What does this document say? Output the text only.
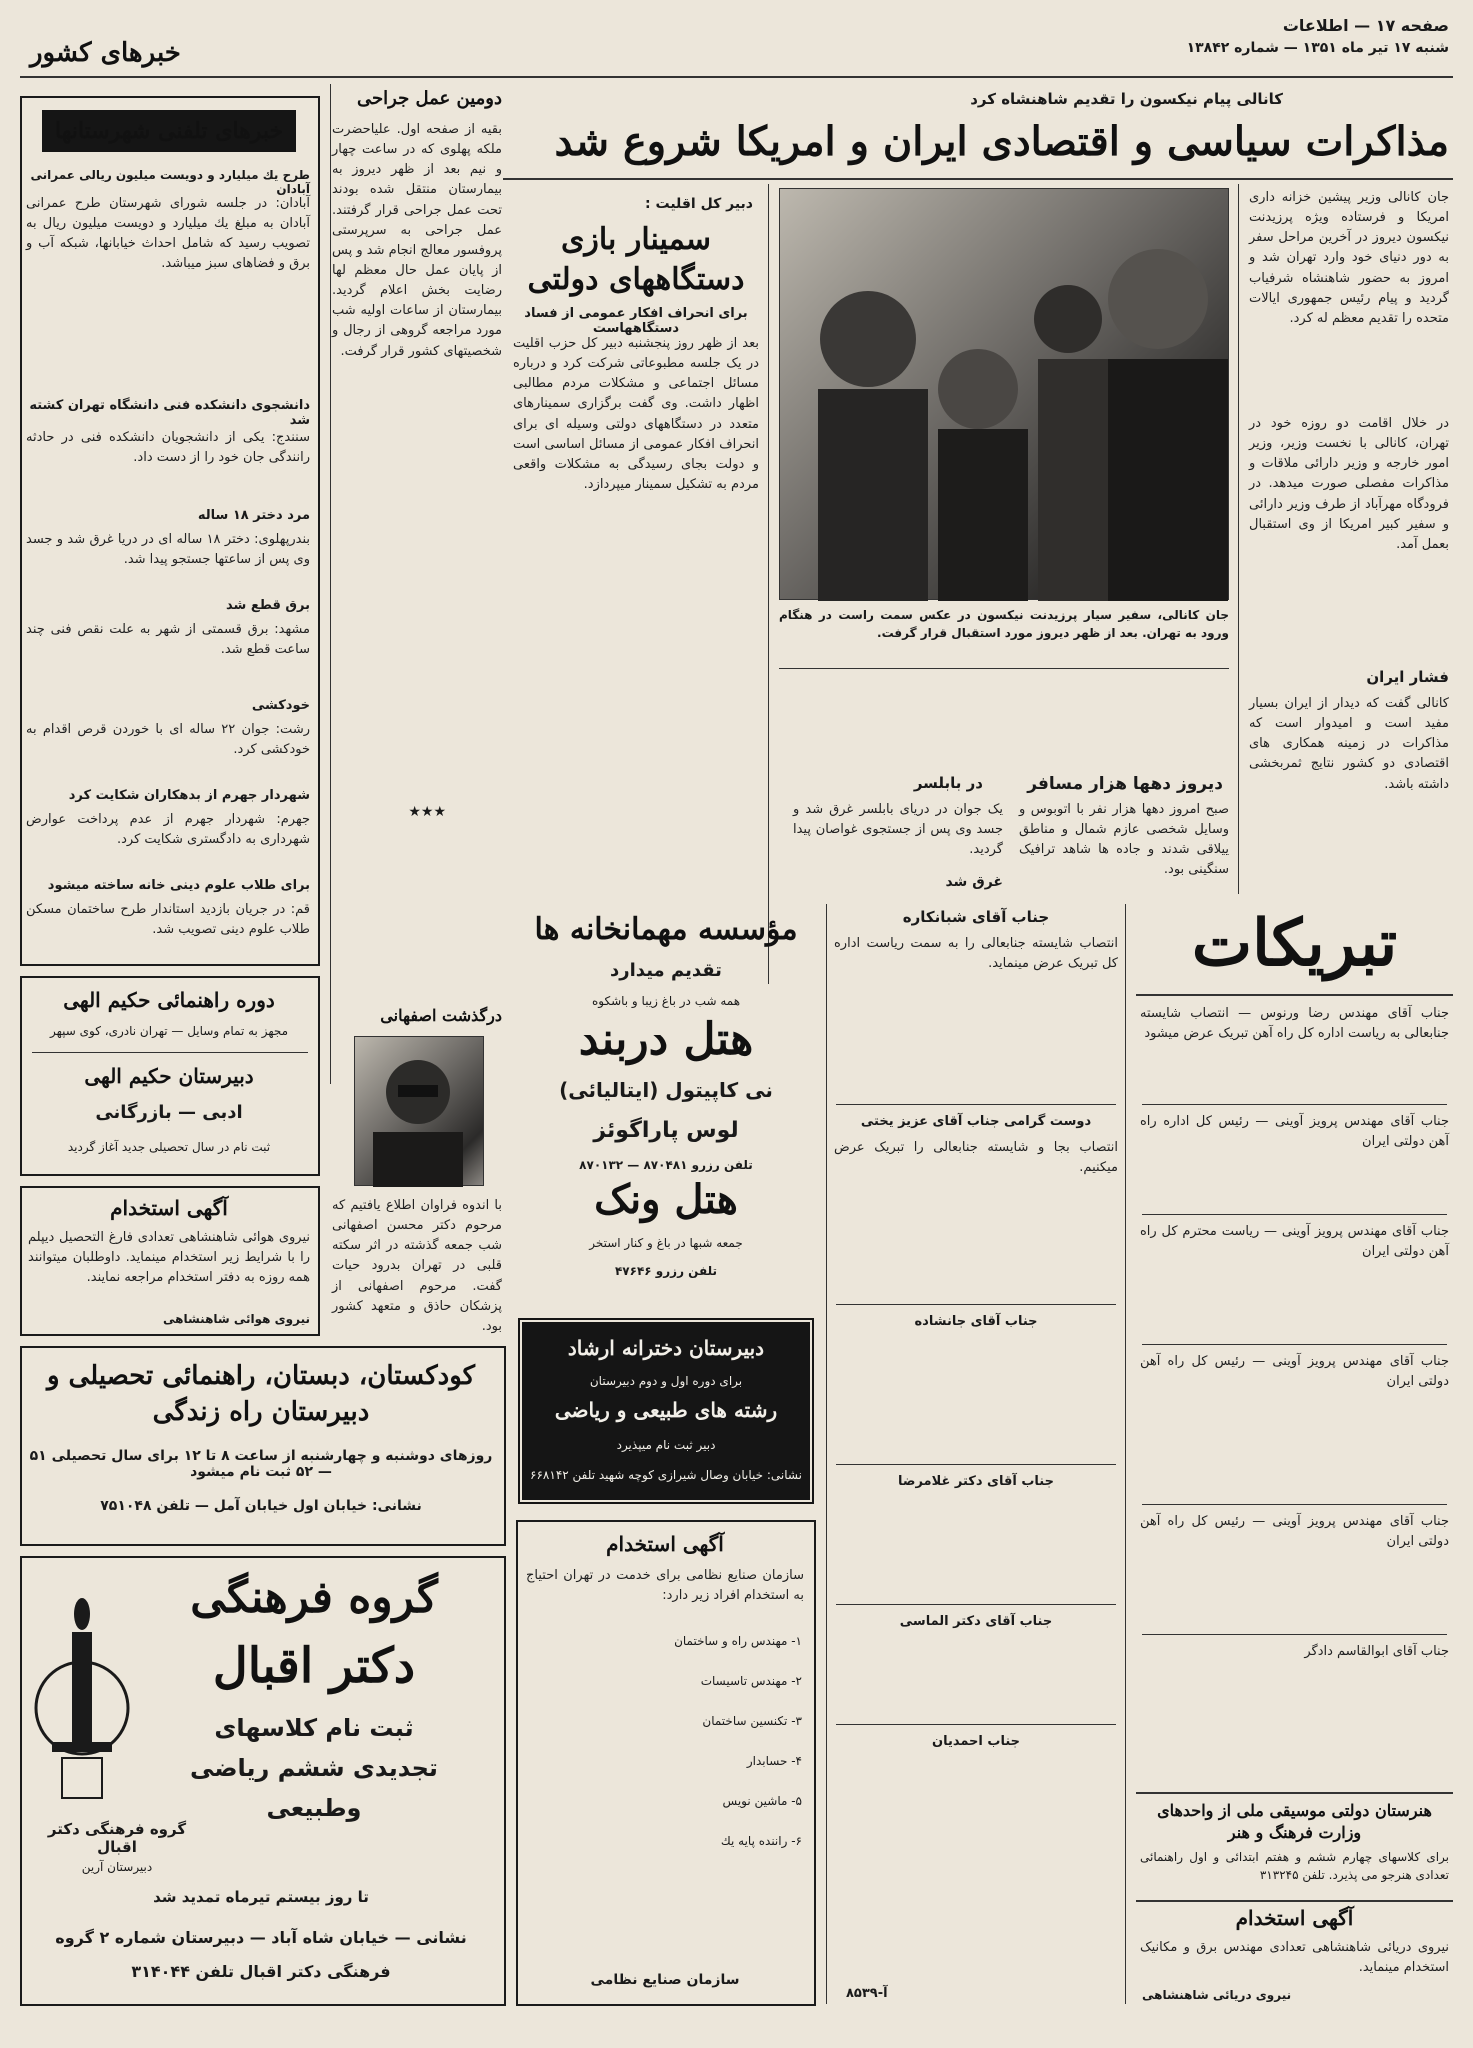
صفحه ۱۷ — اطلاعات
شنبه ۱۷ تیر ماه ۱۳۵۱ — شماره ۱۳۸۴۲
خبرهای کشور
کانالی پیام نیکسون را تقدیم شاهنشاه کرد
مذاکرات سیاسی و اقتصادی ایران و امریکا شروع شد
جان کانالی وزیر پیشین خزانه داری امریکا و فرستاده ویژه پرزیدنت نیکسون دیروز در آخرین مراحل سفر به دور دنیای خود وارد تهران شد و امروز به حضور شاهنشاه شرفیاب گردید و پیام رئیس جمهوری ایالات متحده را تقدیم معظم له کرد.
در خلال اقامت دو روزه خود در تهران، کانالی با نخست وزیر، وزیر امور خارجه و وزیر دارائی ملاقات و مذاکرات مفصلی صورت میدهد. در فرودگاه مهرآباد از طرف وزیر دارائی و سفیر کبیر امریکا از وی استقبال بعمل آمد.
فشار ایران
کانالی گفت که دیدار از ایران بسیار مفید است و امیدوار است که مذاکرات در زمینه همکاری های اقتصادی دو کشور نتایج ثمربخشی داشته باشد.
جان کانالی، سفیر سیار پرزیدنت نیکسون در عکس سمت راست در هنگام ورود به تهران. بعد از ظهر دیروز مورد استقبال قرار گرفت.
دیروز دهها هزار مسافر
صبح امروز دهها هزار نفر با اتوبوس و وسایل شخصی عازم شمال و مناطق ییلاقی شدند و جاده ها شاهد ترافیک سنگینی بود.
در بابلسر
یک جوان در دریای بابلسر غرق شد و جسد وی پس از جستجوی غواصان پیدا گردید.
غرق شد
دبیر کل اقلیت :
سمینار بازی دستگاههای دولتی
برای انحراف افکار عمومی از فساد دستگاههاست
بعد از ظهر روز پنجشنبه دبیر کل حزب اقلیت در یک جلسه مطبوعاتی شرکت کرد و درباره مسائل اجتماعی و مشکلات مردم مطالبی اظهار داشت. وی گفت برگزاری سمینارهای متعدد در دستگاههای دولتی وسیله ای برای انحراف افکار عمومی از مسائل اساسی است و دولت بجای رسیدگی به مشکلات واقعی مردم به تشکیل سمینار میپردازد.
دومین عمل جراحی
بقیه از صفحه اول. علیاحضرت ملکه پهلوی که در ساعت چهار و نیم بعد از ظهر دیروز به بیمارستان منتقل شده بودند تحت عمل جراحی قرار گرفتند. عمل جراحی به سرپرستی پروفسور معالج انجام شد و پس از پایان عمل حال معظم لها رضایت بخش اعلام گردید. بیمارستان از ساعات اولیه شب مورد مراجعه گروهی از رجال و شخصیتهای کشور قرار گرفت.
★★★
خبرهای تلفنی شهرستانها
طرح یك میلیارد و دویست میلیون ریالی عمرانی آبادان
آبادان: در جلسه شورای شهرستان طرح عمرانی آبادان به مبلغ یك میلیارد و دویست میلیون ریال به تصویب رسید که شامل احداث خیابانها، شبکه آب و برق و فضاهای سبز میباشد.
دانشجوی دانشکده فنی دانشگاه تهران کشته شد
سنندج: یکی از دانشجویان دانشکده فنی در حادثه رانندگی جان خود را از دست داد.
مرد دختر ۱۸ ساله
بندرپهلوی: دختر ۱۸ ساله ای در دریا غرق شد و جسد وی پس از ساعتها جستجو پیدا شد.
برق قطع شد
مشهد: برق قسمتی از شهر به علت نقص فنی چند ساعت قطع شد.
خودکشی
رشت: جوان ۲۲ ساله ای با خوردن قرص اقدام به خودکشی کرد.
شهردار جهرم از بدهکاران شکایت کرد
جهرم: شهردار جهرم از عدم پرداخت عوارض شهرداری به دادگستری شکایت کرد.
برای طلاب علوم دینی خانه ساخته میشود
قم: در جریان بازدید استاندار طرح ساختمان مسکن طلاب علوم دینی تصویب شد.
دوره راهنمائی حکیم الهی
مجهز به تمام وسایل — تهران نادری، کوی سپهر
دبیرستان حکیم الهی
ادبی — بازرگانی
ثبت نام در سال تحصیلی جدید آغاز گردید
آگهی استخدام
نیروی هوائی شاهنشاهی تعدادی فارغ التحصیل دیپلم را با شرایط زیر استخدام مینماید. داوطلبان میتوانند همه روزه به دفتر استخدام مراجعه نمایند.
نیروی هوائی شاهنشاهی
درگذشت اصفهانی
با اندوه فراوان اطلاع یافتیم که مرحوم دکتر محسن اصفهانی شب جمعه گذشته در اثر سکته قلبی در تهران بدرود حیات گفت. مرحوم اصفهانی از پزشکان حاذق و متعهد کشور بود.
کودکستان، دبستان، راهنمائی تحصیلی و دبیرستان راه زندگی
روزهای دوشنبه و چهارشنبه از ساعت ۸ تا ۱۲ برای سال تحصیلی ۵۱ — ۵۲ ثبت نام میشود
نشانی: خیابان اول خیابان آمل — تلفن ۷۵۱۰۴۸
گروه فرهنگی
دکتر اقبال
ثبت نام کلاسهای
تجدیدی ششم ریاضی
وطبیعی
گروه فرهنگی دکتر اقبال
دبیرستان آرین
تا روز بیستم تیرماه تمدید شد
نشانی — خیابان شاه آباد — دبیرستان شماره ۲ گروه
فرهنگی دکتر اقبال تلفن ۳۱۴۰۴۴
مؤسسه مهمانخانه ها
تقدیم میدارد
همه شب در باغ زیبا و باشکوه
هتل دربند
نی کاپیتول (ایتالیائی)
لوس پاراگوئز
تلفن رزرو ۸۷۰۴۸۱ — ۸۷۰۱۳۲
هتل ونک
جمعه شبها در باغ و کنار استخر
تلفن رزرو ۴۷۶۴۶
دبیرستان دخترانه ارشاد
برای دوره اول و دوم دبیرستان
رشته های طبیعی و ریاضی
دبیر ثبت نام میپذیرد
نشانی: خیابان وصال شیرازی کوچه شهید تلفن ۶۶۸۱۴۲
آگهی استخدام
سازمان صنایع نظامی برای خدمت در تهران احتیاج به استخدام افراد زیر دارد:
۱- مهندس راه و ساختمان
۲- مهندس تاسیسات
۳- تکنسین ساختمان
۴- حسابدار
۵- ماشین نویس
۶- راننده پایه یك
سازمان صنایع نظامی
جناب آقای شبانکاره
انتصاب شایسته جنابعالی را به سمت ریاست اداره کل تبریک عرض مینماید.
دوست گرامی جناب آقای عزیز یختی
انتصاب بجا و شایسته جنابعالی را تبریک عرض میکنیم.
جناب آقای جانشاده
جناب آقای دکتر غلامرضا
جناب آقای دکتر الماسی
جناب احمدیان
آ-۸۵۳۹
تبریکات
جناب آقای مهندس رضا ورنوس — انتصاب شایسته جنابعالی به ریاست اداره کل راه آهن تبریک عرض میشود
جناب آقای مهندس پرویز آوینی — رئیس کل اداره راه آهن دولتی ایران
جناب آقای مهندس پرویز آوینی — ریاست محترم کل راه آهن دولتی ایران
جناب آقای مهندس پرویز آوینی — رئیس کل راه آهن دولتی ایران
جناب آقای مهندس پرویز آوینی — رئیس کل راه آهن دولتی ایران
جناب آقای ابوالقاسم دادگر
هنرستان دولتی موسیقی ملی از واحدهای وزارت فرهنگ و هنر
برای کلاسهای چهارم ششم و هفتم ابتدائی و اول راهنمائی تعدادی هنرجو می پذیرد. تلفن ۳۱۳۲۴۵
آگهی استخدام
نیروی دریائی شاهنشاهی تعدادی مهندس برق و مکانیک استخدام مینماید.
نیروی دریائی شاهنشاهی
